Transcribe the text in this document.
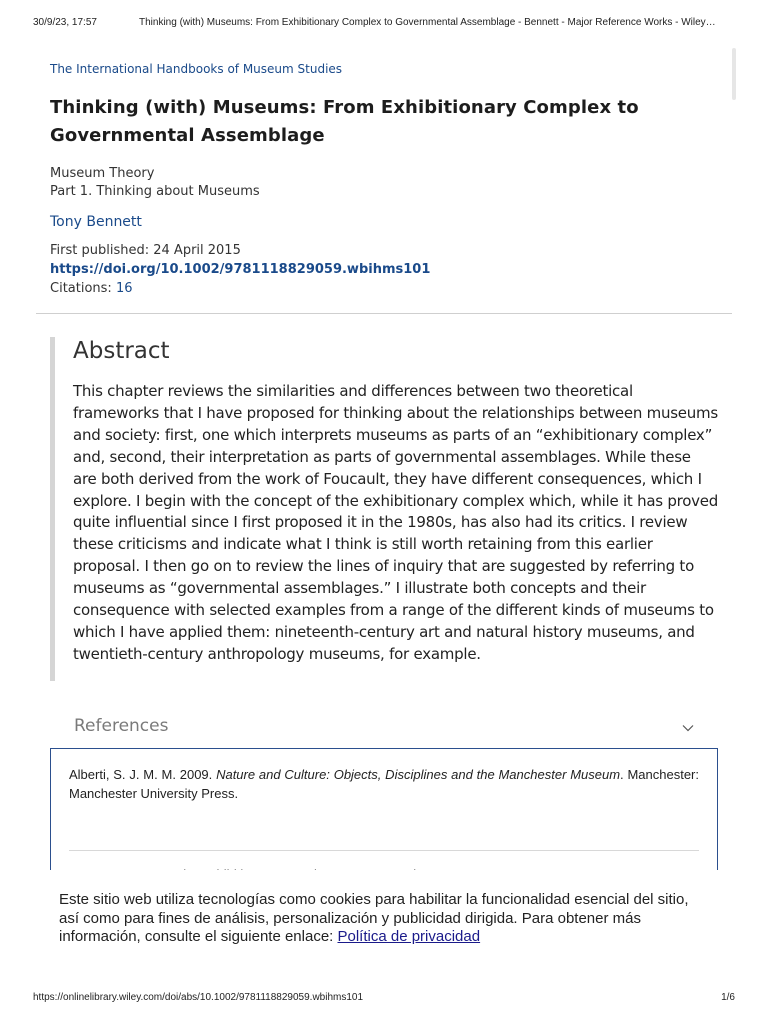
30/9/23, 17:57	Thinking (with) Museums: From Exhibitionary Complex to Governmental Assemblage - Bennett - Major Reference Works - Wiley…
The International Handbooks of Museum Studies
Thinking (with) Museums: From Exhibitionary Complex to Governmental Assemblage
Museum Theory
Part 1. Thinking about Museums
Tony Bennett
First published: 24 April 2015
https://doi.org/10.1002/9781118829059.wbihms101
Citations: 16
Abstract

This chapter reviews the similarities and differences between two theoretical frameworks that I have proposed for thinking about the relationships between museums and society: first, one which interprets museums as parts of an “exhibitionary complex” and, second, their interpretation as parts of governmental assemblages. While these are both derived from the work of Foucault, they have different consequences, which I explore. I begin with the concept of the exhibitionary complex which, while it has proved quite influential since I first proposed it in the 1980s, has also had its critics. I review these criticisms and indicate what I think is still worth retaining from this earlier proposal. I then go on to review the lines of inquiry that are suggested by referring to museums as “governmental assemblages.” I illustrate both concepts and their consequence with selected examples from a range of the different kinds of museums to which I have applied them: nineteenth-century art and natural history museums, and twentieth-century anthropology museums, for example.

References
Alberti, S. J. M. M. 2009. Nature and Culture: Objects, Disciplines and the Manchester Museum. Manchester: Manchester University Press.

Este sitio web utiliza tecnologías como cookies para habilitar la funcionalidad esencial del sitio, así como para fines de análisis, personalización y publicidad dirigida. Para obtener más información, consulte el siguiente enlace: Política de privacidad

https://onlinelibrary.wiley.com/doi/abs/10.1002/9781118829059.wbihms101	1/6
